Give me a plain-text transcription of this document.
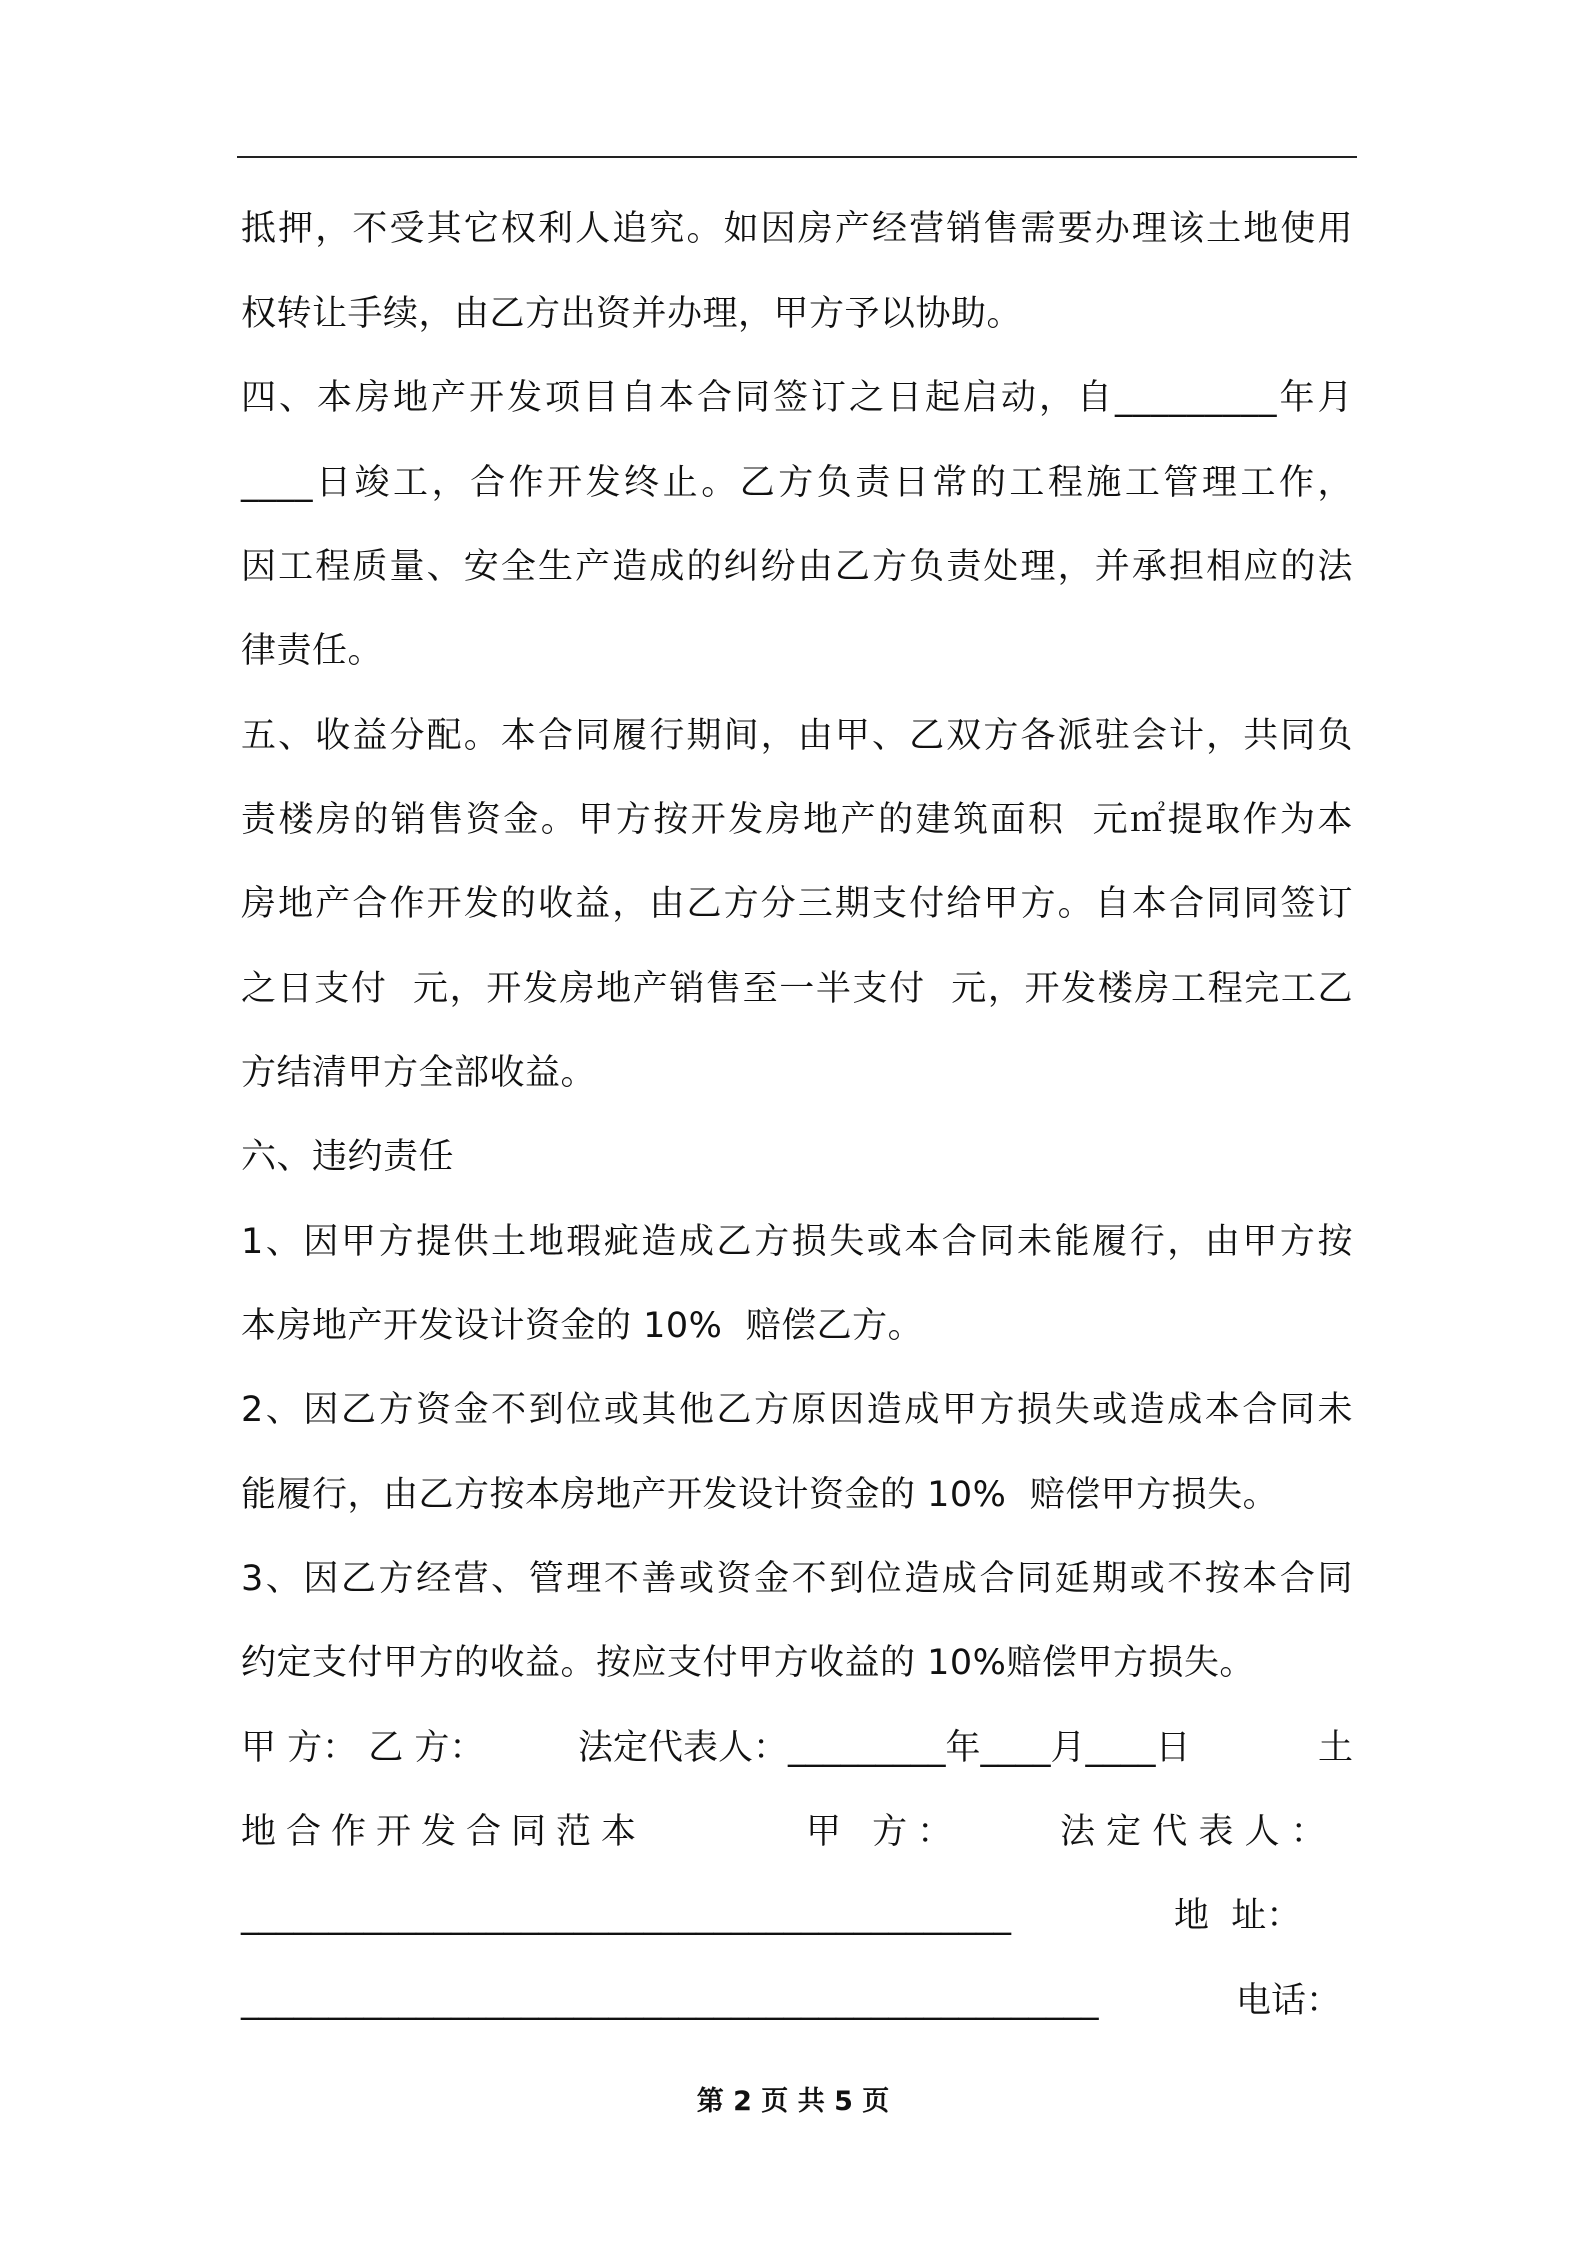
抵押，不受其它权利人追究。如因房产经营销售需要办理该土地使用
权转让手续，由乙方出资并办理，甲方予以协助。
四、本房地产开发项目自本合同签订之日起启动，自_________年月
____日竣工，合作开发终止。乙方负责日常的工程施工管理工作，
因工程质量、安全生产造成的纠纷由乙方负责处理，并承担相应的法
律责任。
五、收益分配。本合同履行期间，由甲、乙双方各派驻会计，共同负
责楼房的销售资金。甲方按开发房地产的建筑面积  元㎡提取作为本
房地产合作开发的收益，由乙方分三期支付给甲方。自本合同同签订
之日支付  元，开发房地产销售至一半支付  元，开发楼房工程完工乙
方结清甲方全部收益。
六、违约责任
1、因甲方提供土地瑕疵造成乙方损失或本合同未能履行，由甲方按
本房地产开发设计资金的 10%  赔偿乙方。
2、因乙方资金不到位或其他乙方原因造成甲方损失或造成本合同未
能履行，由乙方按本房地产开发设计资金的 10%  赔偿甲方损失。
3、因乙方经营、管理不善或资金不到位造成合同延期或不按本合同
约定支付甲方的收益。按应支付甲方收益的 10%赔偿甲方损失。
甲 方： 乙 方：	法定代表人：_________年____月____日	土
地合作开发合同范本	甲 方：	法 定 代 表 人 ：
____________________________________________	地  址：
_________________________________________________	电话：
第 2 页 共 5 页
